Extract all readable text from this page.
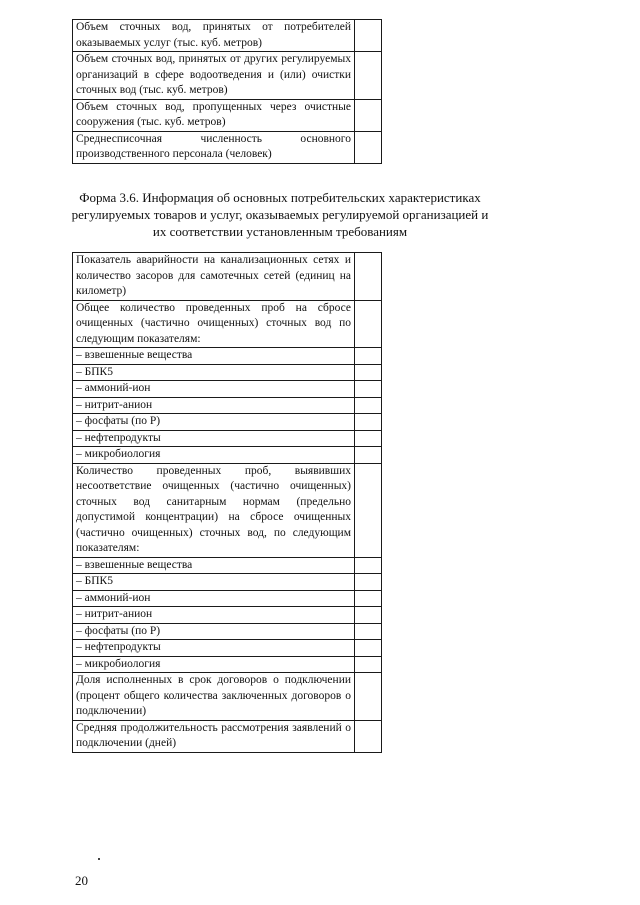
Объем сточных вод, принятых от потребителей оказываемых услуг (тыс. куб. метров)	
Объем сточных вод, принятых от других регулируемых организаций в сфере водоотведения и (или) очистки сточных вод (тыс. куб. метров)	
Объем сточных вод, пропущенных через очистные сооружения (тыс. куб. метров)	
Среднесписочная численность основного производственного персонала (человек)	
Форма 3.6. Информация об основных потребительских характеристиках регулируемых товаров и услуг, оказываемых регулируемой организацией и их соответствии установленным требованиям
Показатель аварийности на канализационных сетях и количество засоров для самотечных сетей (единиц на километр)	
Общее количество проведенных проб на сбросе очищенных (частично очищенных) сточных вод по следующим показателям:	
– взвешенные вещества	
– БПК5	
– аммоний-ион	
– нитрит-анион	
– фосфаты (по Р)	
– нефтепродукты	
– микробиология	
Количество проведенных проб, выявивших несоответствие очищенных (частично очищенных) сточных вод санитарным нормам (предельно допустимой концентрации) на сбросе очищенных (частично очищенных) сточных вод, по следующим показателям:	
– взвешенные вещества	
– БПК5	
– аммоний-ион	
– нитрит-анион	
– фосфаты (по Р)	
– нефтепродукты	
– микробиология	
Доля исполненных в срок договоров о подключении (процент общего количества заключенных договоров о подключении)	
Средняя продолжительность рассмотрения заявлений о подключении (дней)	
20
